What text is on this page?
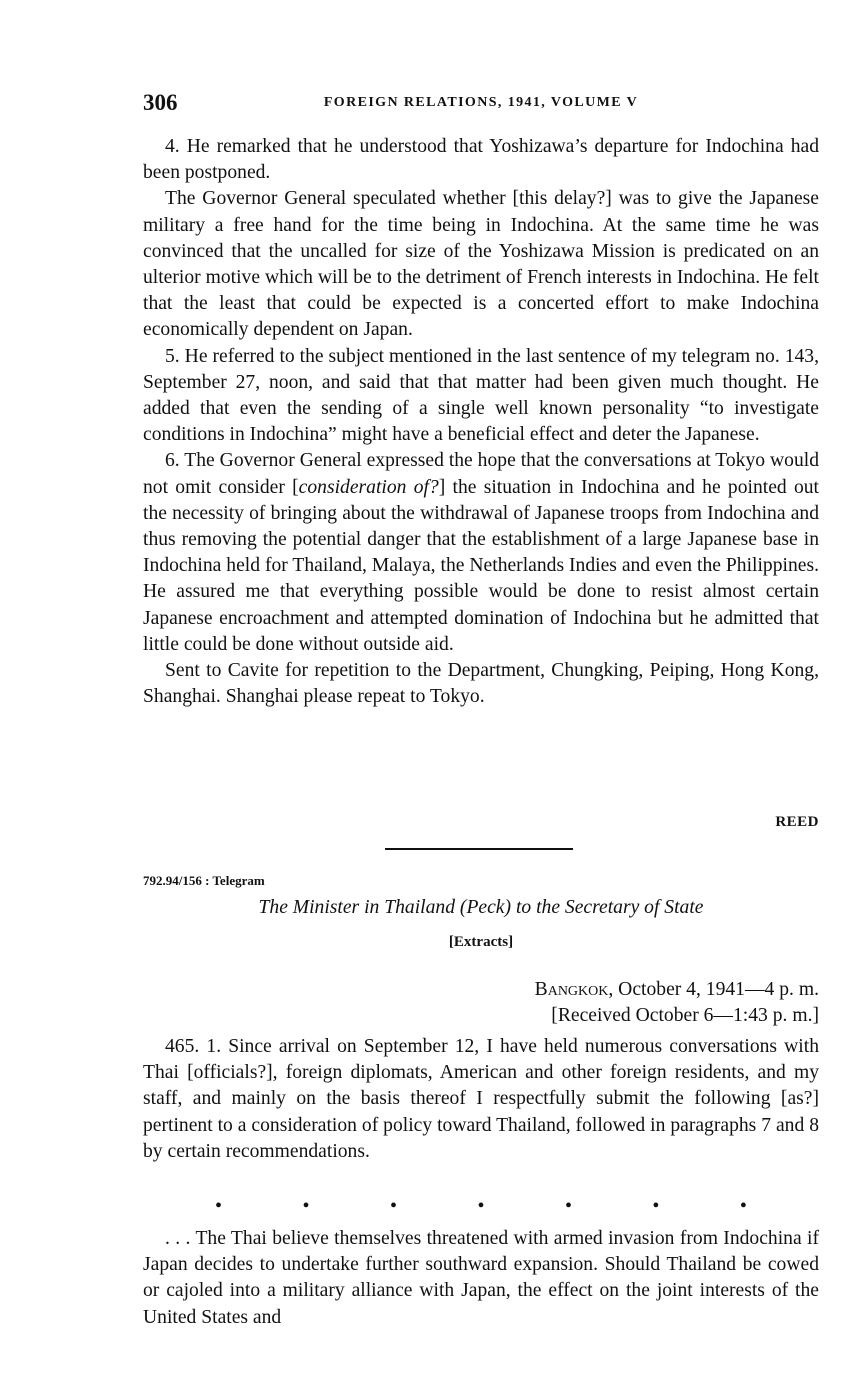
306	FOREIGN RELATIONS, 1941, VOLUME V

4. He remarked that he understood that Yoshizawa’s departure for Indochina had been postponed.

The Governor General speculated whether [this delay?] was to give the Japanese military a free hand for the time being in Indochina. At the same time he was convinced that the uncalled for size of the Yoshizawa Mission is predicated on an ulterior motive which will be to the detriment of French interests in Indochina. He felt that the least that could be expected is a concerted effort to make Indochina economically dependent on Japan.

5. He referred to the subject mentioned in the last sentence of my telegram no. 143, September 27, noon, and said that that matter had been given much thought. He added that even the sending of a single well known personality “to investigate conditions in Indochina” might have a beneficial effect and deter the Japanese.

6. The Governor General expressed the hope that the conversations at Tokyo would not omit consider [consideration of?] the situation in Indochina and he pointed out the necessity of bringing about the withdrawal of Japanese troops from Indochina and thus removing the potential danger that the establishment of a large Japanese base in Indochina held for Thailand, Malaya, the Netherlands Indies and even the Philippines. He assured me that everything possible would be done to resist almost certain Japanese encroachment and attempted domination of Indochina but he admitted that little could be done without outside aid.

Sent to Cavite for repetition to the Department, Chungking, Peiping, Hong Kong, Shanghai. Shanghai please repeat to Tokyo.

REED
792.94/156 : Telegram
The Minister in Thailand (Peck) to the Secretary of State
[Extracts]
Bangkok, October 4, 1941—4 p. m.
[Received October 6—1:43 p. m.]

465. 1. Since arrival on September 12, I have held numerous conversations with Thai [officials?], foreign diplomats, American and other foreign residents, and my staff, and mainly on the basis thereof I respectfully submit the following [as?] pertinent to a consideration of policy toward Thailand, followed in paragraphs 7 and 8 by certain recommendations.

•	•	•	•	•	•	•

. . . The Thai believe themselves threatened with armed invasion from Indochina if Japan decides to undertake further southward expansion. Should Thailand be cowed or cajoled into a military alliance with Japan, the effect on the joint interests of the United States and
